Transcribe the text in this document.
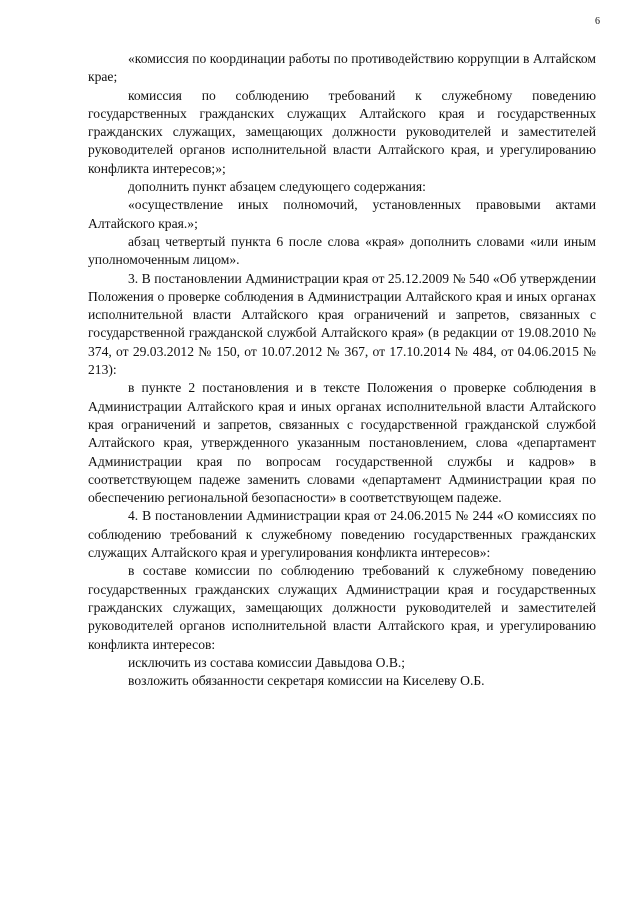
6

«комиссия по координации работы по противодействию коррупции в Алтайском крае;

комиссия по соблюдению требований к служебному поведению государственных гражданских служащих Алтайского края и государственных гражданских служащих, замещающих должности руководителей и заместителей руководителей органов исполнительной власти Алтайского края, и урегулированию конфликта интересов;»;

дополнить пункт абзацем следующего содержания:

«осуществление иных полномочий, установленных правовыми актами Алтайского края.»;

абзац четвертый пункта 6 после слова «края» дополнить словами «или иным уполномоченным лицом».

3. В постановлении Администрации края от 25.12.2009 № 540 «Об утверждении Положения о проверке соблюдения в Администрации Алтайского края и иных органах исполнительной власти Алтайского края ограничений и запретов, связанных с государственной гражданской службой Алтайского края» (в редакции от 19.08.2010 № 374, от 29.03.2012 № 150, от 10.07.2012 № 367, от 17.10.2014 № 484, от 04.06.2015 № 213):

в пункте 2 постановления и в тексте Положения о проверке соблюдения в Администрации Алтайского края и иных органах исполнительной власти Алтайского края ограничений и запретов, связанных с государственной гражданской службой Алтайского края, утвержденного указанным постановлением, слова «департамент Администрации края по вопросам государственной службы и кадров» в соответствующем падеже заменить словами «департамент Администрации края по обеспечению региональной безопасности» в соответствующем падеже.

4. В постановлении Администрации края от 24.06.2015 № 244 «О комиссиях по соблюдению требований к служебному поведению государственных гражданских служащих Алтайского края и урегулирования конфликта интересов»:

в составе комиссии по соблюдению требований к служебному поведению государственных гражданских служащих Администрации края и государственных гражданских служащих, замещающих должности руководителей и заместителей руководителей органов исполнительной власти Алтайского края, и урегулированию конфликта интересов:

исключить из состава комиссии Давыдова О.В.;

возложить обязанности секретаря комиссии на Киселеву О.Б.
